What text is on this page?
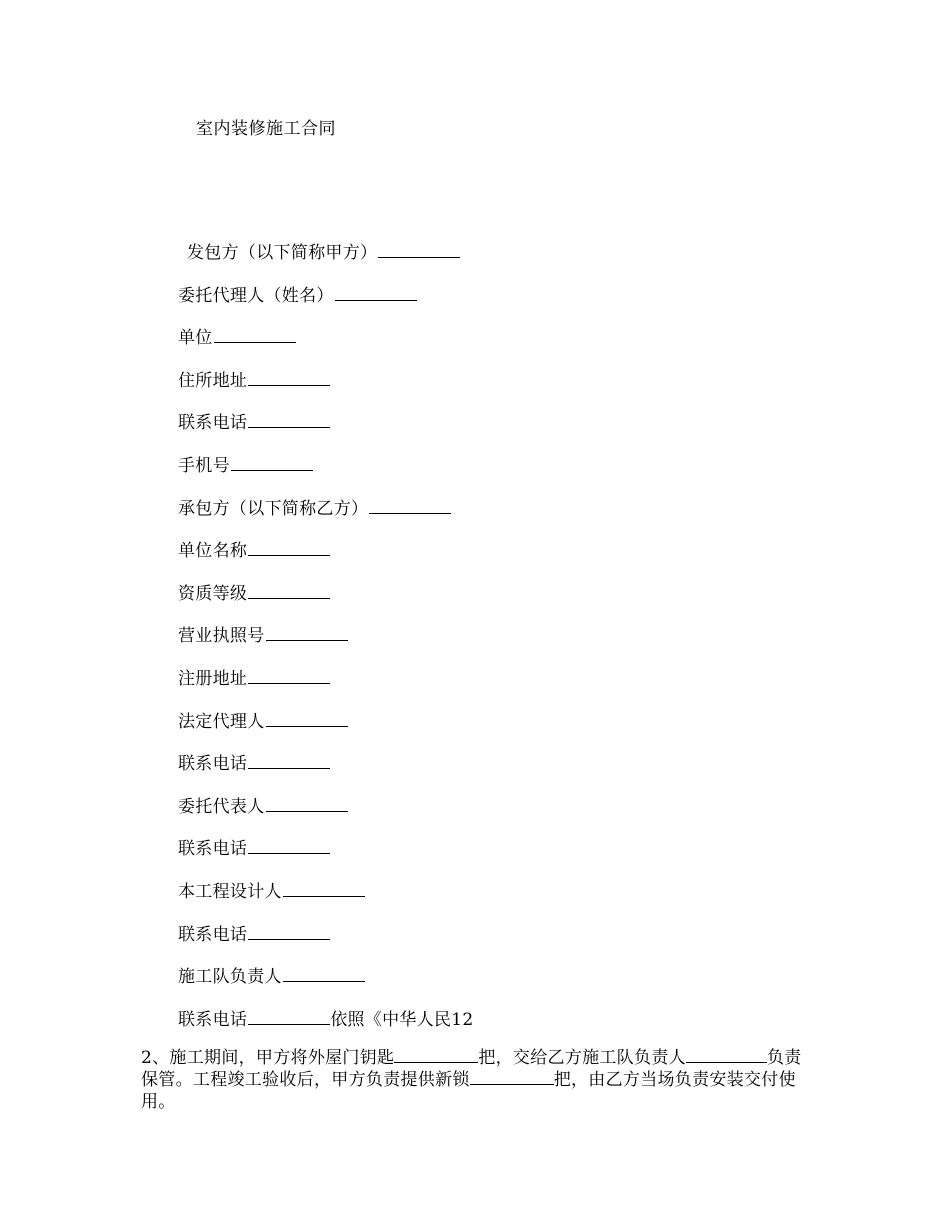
室内装修施工合同
发包方（以下简称甲方）
委托代理人（姓名）
单位
住所地址
联系电话
手机号
承包方（以下简称乙方）
单位名称
资质等级
营业执照号
注册地址
法定代理人
联系电话
委托代表人
联系电话
本工程设计人
联系电话
施工队负责人
联系电话	依照《中华人民12
2、施工期间，甲方将外屋门钥匙	把，交给乙方施工队负责人	负责保管。工程竣工验收后，甲方负责提供新锁	把，由乙方当场负责安装交付使用。
